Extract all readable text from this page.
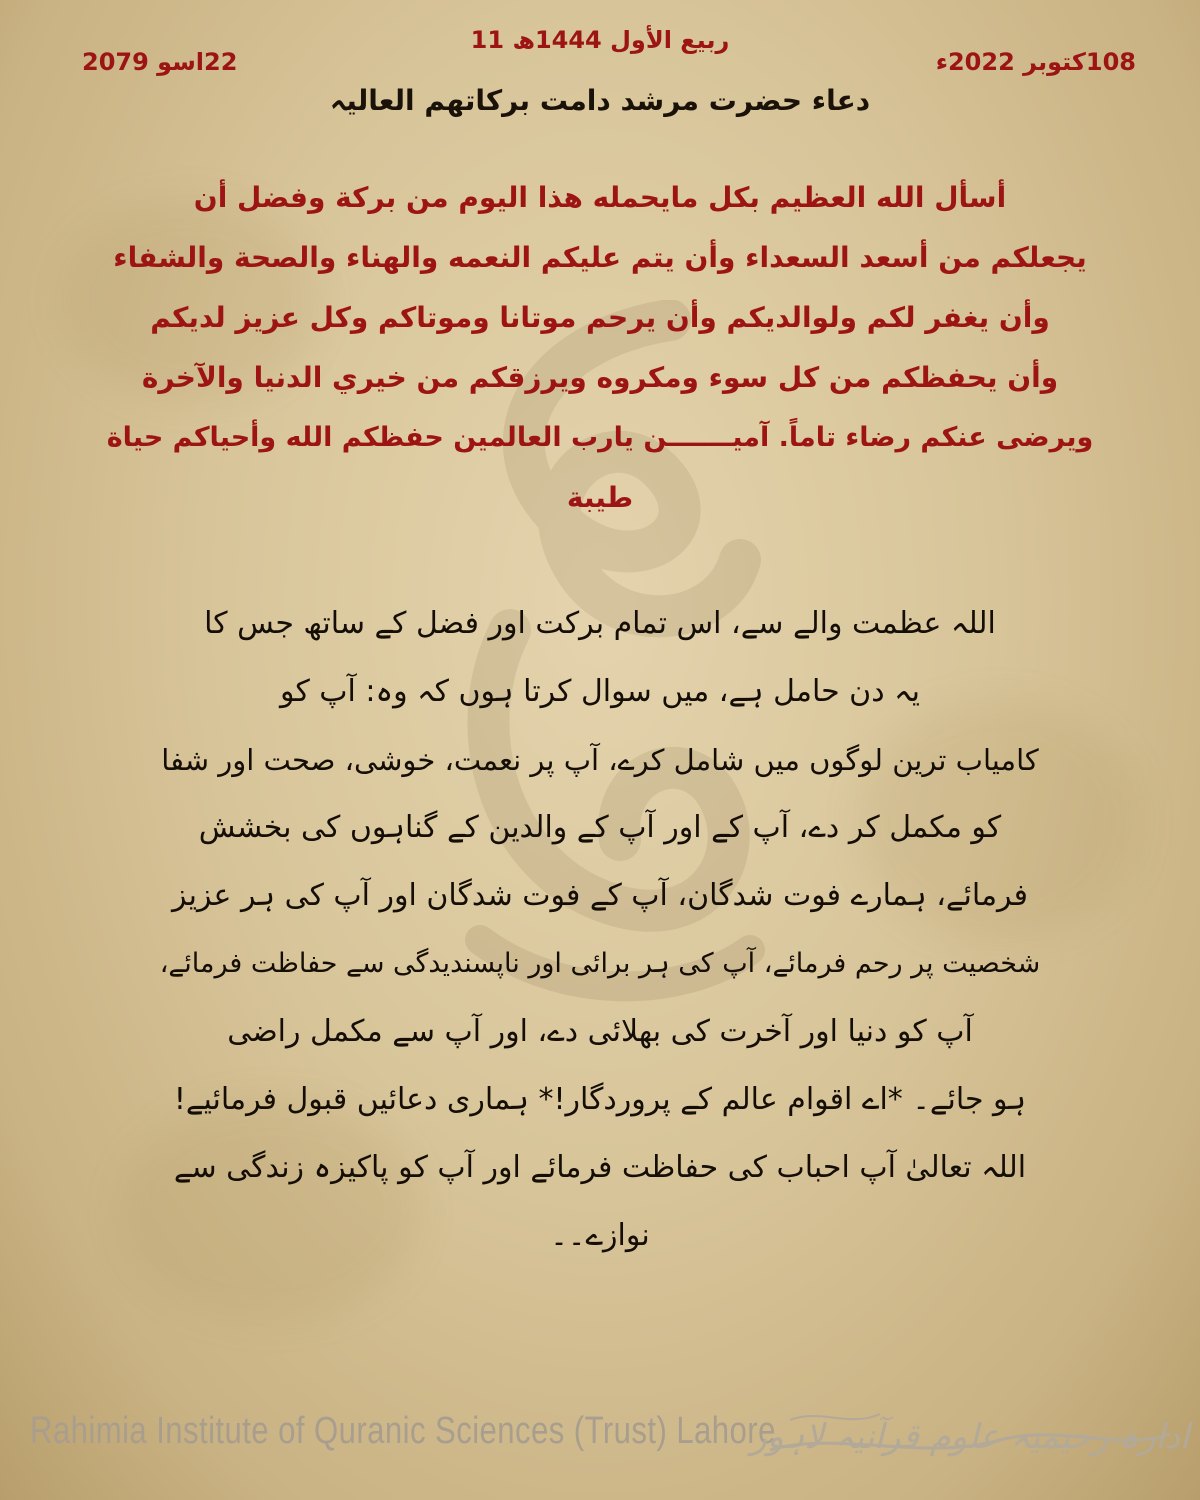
11 ربیع الأول 1444ھ
108کتوبر 2022ء
22اسو 2079
دعاء حضرت مرشد دامت برکاتھم العالیہ
أسأل الله العظیم بکل مایحمله هذا الیوم من برکة وفضل أن
یجعلکم من أسعد السعداء وأن یتم علیکم النعمه والهناء والصحة والشفاء
وأن یغفر لکم ولوالدیکم وأن یرحم موتانا وموتاکم وکل عزیز لدیکم
وأن یحفظکم من کل سوء ومکروه ویرزقکم من خیري الدنیا والآخرة
ویرضی عنکم رضاء تاماً. آمیـــــــن یارب العالمین حفظکم الله وأحیاکم حیاة
طیبة
اللہ عظمت والے سے، اس تمام برکت اور فضل کے ساتھ جس کا
یہ دن حامل ہے، میں سوال کرتا ہوں کہ وہ: آپ کو
کامیاب ترین لوگوں میں شامل کرے، آپ پر نعمت، خوشی، صحت اور شفا
کو مکمل کر دے، آپ کے اور آپ کے والدین کے گناہوں کی بخشش
فرمائے، ہمارے فوت شدگان، آپ کے فوت شدگان اور آپ کی ہر عزیز
شخصیت پر رحم فرمائے، آپ کی ہر برائی اور ناپسندیدگی سے حفاظت فرمائے،
آپ کو دنیا اور آخرت کی بھلائی دے، اور آپ سے مکمل راضی
ہو جائے۔ *اے اقوام عالم کے پروردگار!* ہماری دعائیں قبول فرمائیے!
اللہ تعالیٰ آپ احباب کی حفاظت فرمائے اور آپ کو پاکیزہ زندگی سے
نوازے۔۔
Rahimia Institute of Quranic Sciences (Trust) Lahore
ادارہ رحیمیہ علوم قرآنیہ لاہور
